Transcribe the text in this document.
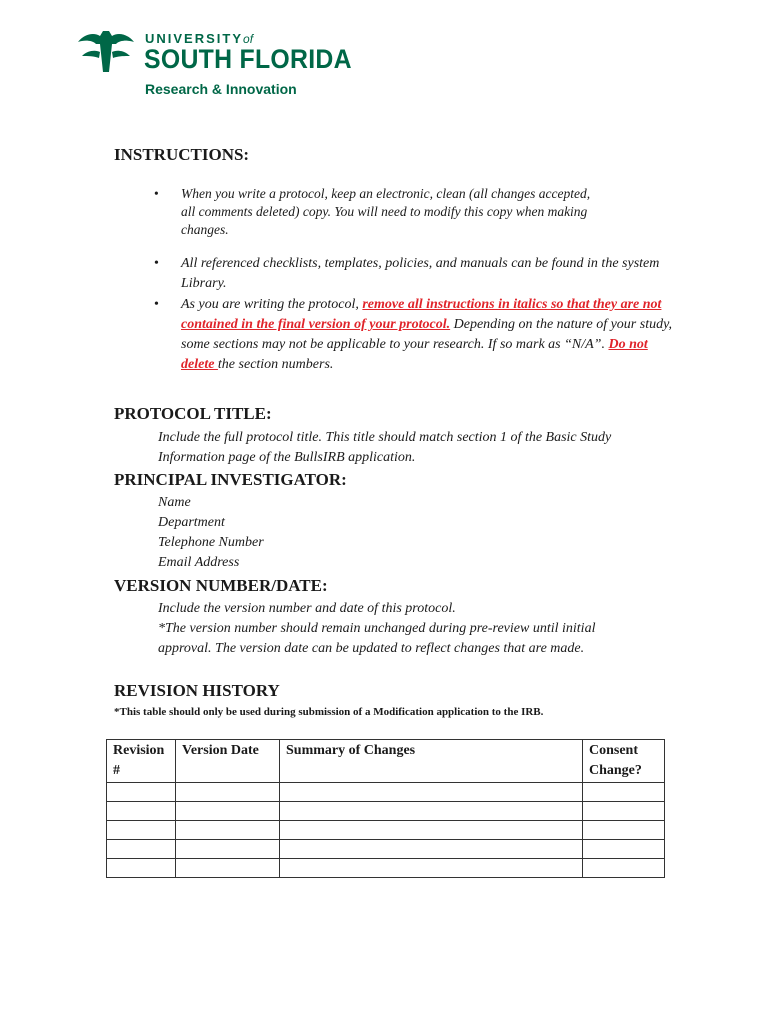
UNIVERSITYof
SOUTH FLORIDA
Research & Innovation
INSTRUCTIONS:
• When you write a protocol, keep an electronic, clean (all changes accepted, all comments deleted) copy. You will need to modify this copy when making changes.
• All referenced checklists, templates, policies, and manuals can be found in the system Library.
• As you are writing the protocol, remove all instructions in italics so that they are not contained in the final version of your protocol. Depending on the nature of your study, some sections may not be applicable to your research. If so mark as “N/A”. Do not delete the section numbers.
PROTOCOL TITLE:
Include the full protocol title. This title should match section 1 of the Basic Study Information page of the BullsIRB application.
PRINCIPAL INVESTIGATOR:
Name
Department
Telephone Number
Email Address
VERSION NUMBER/DATE:
Include the version number and date of this protocol.
*The version number should remain unchanged during pre-review until initial approval. The version date can be updated to reflect changes that are made.
REVISION HISTORY
*This table should only be used during submission of a Modification application to the IRB.
Revision #	Version Date	Summary of Changes	Consent Change?
